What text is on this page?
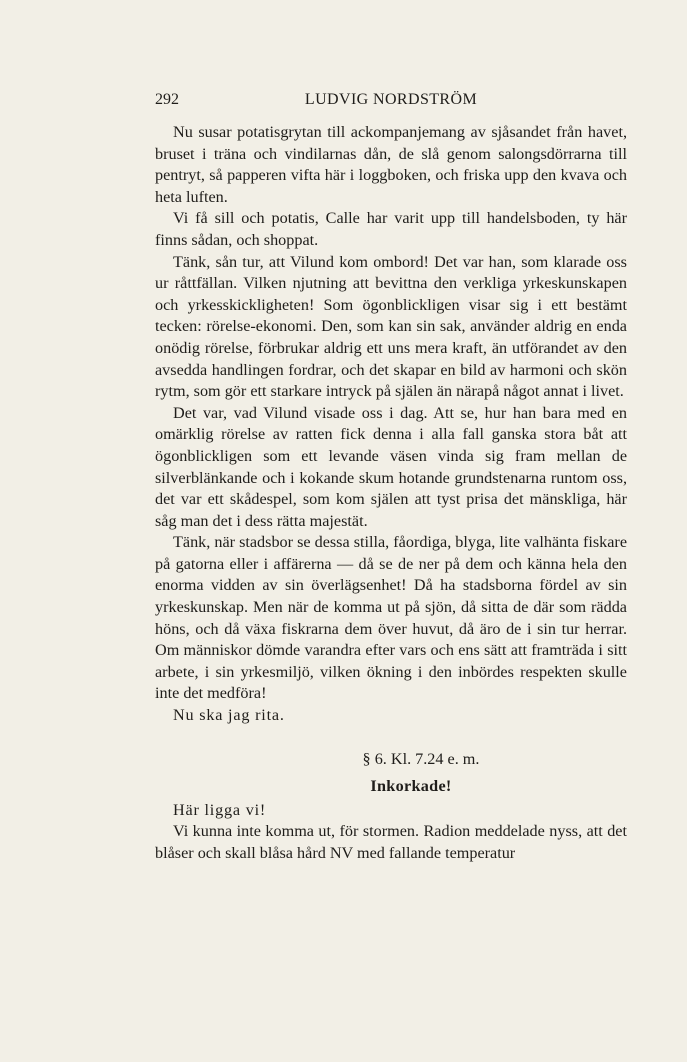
292	LUDVIG NORDSTRÖM

Nu susar potatisgrytan till ackompanjemang av sjåsandet från havet, bruset i träna och vindilarnas dån, de slå genom salongsdörrarna till pentryt, så papperen vifta här i loggboken, och friska upp den kvava och heta luften.

Vi få sill och potatis, Calle har varit upp till handelsboden, ty här finns sådan, och shoppat.

Tänk, sån tur, att Vilund kom ombord! Det var han, som klarade oss ur råttfällan. Vilken njutning att bevittna den verkliga yrkeskunskapen och yrkesskickligheten! Som ögonblickligen visar sig i ett bestämt tecken: rörelse-ekonomi. Den, som kan sin sak, använder aldrig en enda onödig rörelse, förbrukar aldrig ett uns mera kraft, än utförandet av den avsedda handlingen fordrar, och det skapar en bild av harmoni och skön rytm, som gör ett starkare intryck på själen än närapå något annat i livet.

Det var, vad Vilund visade oss i dag. Att se, hur han bara med en omärklig rörelse av ratten fick denna i alla fall ganska stora båt att ögonblickligen som ett levande väsen vinda sig fram mellan de silverblänkande och i kokande skum hotande grundstenarna runtom oss, det var ett skådespel, som kom själen att tyst prisa det mänskliga, här såg man det i dess rätta majestät.

Tänk, när stadsbor se dessa stilla, fåordiga, blyga, lite valhänta fiskare på gatorna eller i affärerna — då se de ner på dem och känna hela den enorma vidden av sin överlägsenhet! Då ha stadsborna fördel av sin yrkeskunskap. Men när de komma ut på sjön, då sitta de där som rädda höns, och då växa fiskrarna dem över huvut, då äro de i sin tur herrar. Om människor dömde varandra efter vars och ens sätt att framträda i sitt arbete, i sin yrkesmiljö, vilken ökning i den inbördes respekten skulle inte det medföra!

Nu ska jag rita.

§ 6. Kl. 7.24 e. m.

Inkorkade!

Här ligga vi!

Vi kunna inte komma ut, för stormen. Radion meddelade nyss, att det blåser och skall blåsa hård NV med fallande temperatur
